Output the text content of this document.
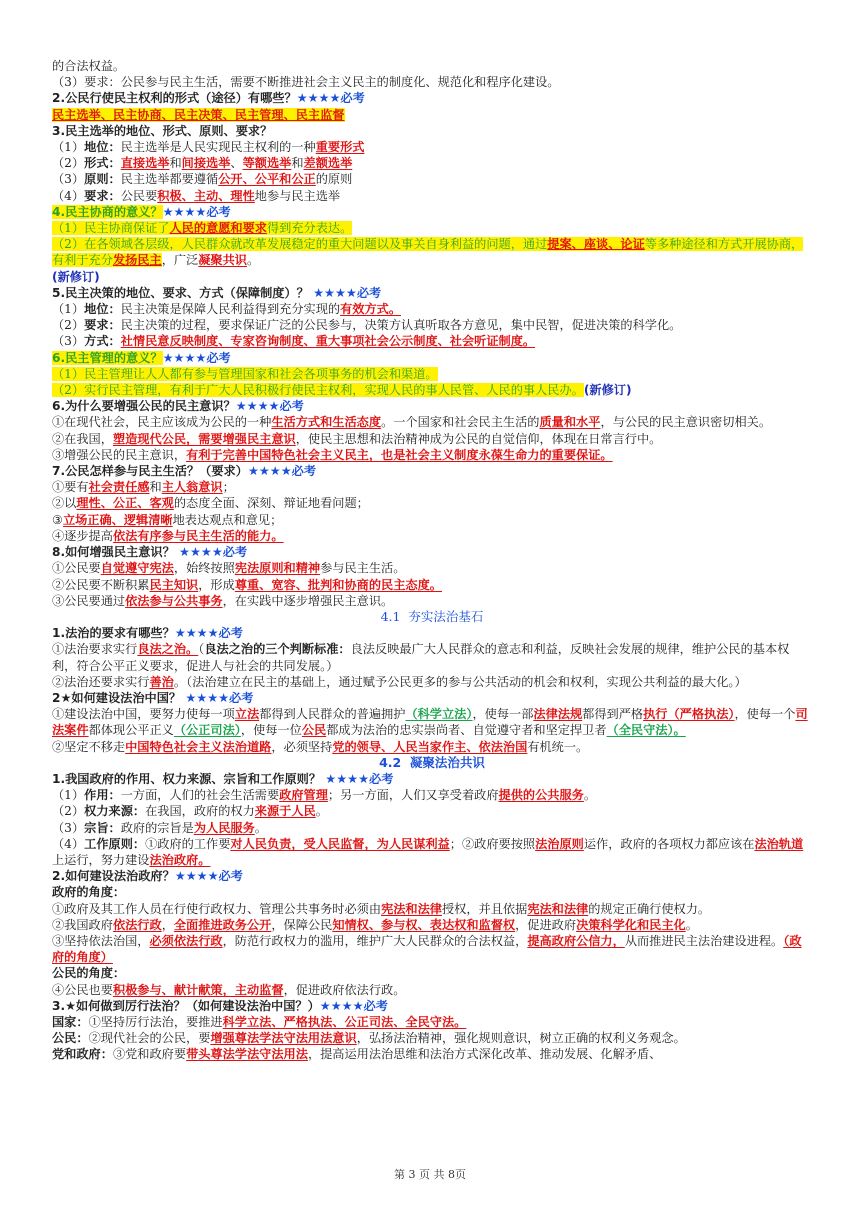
的合法权益。
（3）要求：公民参与民主生活，需要不断推进社会主义民主的制度化、规范化和程序化建设。
2.公民行使民主权利的形式（途径）有哪些？★★★★必考
民主选举、民主协商、民主决策、民主管理、民主监督
3.民主选举的地位、形式、原则、要求？
（1）地位：民主选举是人民实现民主权利的一种重要形式
（2）形式：直接选举和间接选举、等额选举和差额选举
（3）原则：民主选举都要遵循公开、公平和公正的原则
（4）要求：公民要积极、主动、理性地参与民主选举
4.民主协商的意义？★★★★必考
（1）民主协商保证了人民的意愿和要求得到充分表达。
（2）在各领域各层级，人民群众就改革发展稳定的重大问题以及事关自身利益的问题，通过提案、座谈、论证等多种途径和方式开展协商，有利于充分发扬民主，广泛凝聚共识。
(新修订)
5.民主决策的地位、要求、方式（保障制度）？ ★★★★必考
（1）地位：民主决策是保障人民利益得到充分实现的有效方式。
（2）要求：民主决策的过程，要求保证广泛的公民参与，决策方认真听取各方意见，集中民智，促进决策的科学化。
（3）方式：社情民意反映制度、专家咨询制度、重大事项社会公示制度、社会听证制度。
6.民主管理的意义？★★★★必考
（1）民主管理让人人都有参与管理国家和社会各项事务的机会和渠道。
（2）实行民主管理，有利于广大人民积极行使民主权利，实现人民的事人民管、人民的事人民办。(新修订)
6.为什么要增强公民的民主意识？★★★★必考
①在现代社会，民主应该成为公民的一种生活方式和生活态度。一个国家和社会民主生活的质量和水平，与公民的民主意识密切相关。
②在我国，塑造现代公民，需要增强民主意识，使民主思想和法治精神成为公民的自觉信仰，体现在日常言行中。
③增强公民的民主意识，有利于完善中国特色社会主义民主，也是社会主义制度永葆生命力的重要保证。
7.公民怎样参与民主生活？（要求）★★★★必考
①要有社会责任感和主人翁意识；
②以理性、公正、客观的态度全面、深刻、辩证地看问题；
③立场正确、逻辑清晰地表达观点和意见；
④逐步提高依法有序参与民主生活的能力。
8.如何增强民主意识？ ★★★★必考
①公民要自觉遵守宪法，始终按照宪法原则和精神参与民主生活。
②公民要不断积累民主知识，形成尊重、宽容、批判和协商的民主态度。
③公民要通过依法参与公共事务，在实践中逐步增强民主意识。
4.1  夯实法治基石
1.法治的要求有哪些？★★★★必考
①法治要求实行良法之治。（良法之治的三个判断标准：良法反映最广大人民群众的意志和利益，反映社会发展的规律，维护公民的基本权利，符合公平正义要求，促进人与社会的共同发展。）
②法治还要求实行善治。（法治建立在民主的基础上，通过赋予公民更多的参与公共活动的机会和权利，实现公共利益的最大化。）
2★如何建设法治中国？ ★★★★必考
①建设法治中国，要努力使每一项立法都得到人民群众的普遍拥护（科学立法），使每一部法律法规都得到严格执行（严格执法），使每一个司法案件都体现公平正义（公正司法），使每一位公民都成为法治的忠实崇尚者、自觉遵守者和坚定捍卫者（全民守法）。
②坚定不移走中国特色社会主义法治道路，必须坚持党的领导、人民当家作主、依法治国有机统一。
4.2  凝聚法治共识
1.我国政府的作用、权力来源、宗旨和工作原则？ ★★★★必考
（1）作用：一方面，人们的社会生活需要政府管理；另一方面，人们又享受着政府提供的公共服务。
（2）权力来源：在我国，政府的权力来源于人民。
（3）宗旨：政府的宗旨是为人民服务。
（4）工作原则：①政府的工作要对人民负责，受人民监督，为人民谋利益；②政府要按照法治原则运作，政府的各项权力都应该在法治轨道上运行，努力建设法治政府。
2.如何建设法治政府？★★★★必考
政府的角度：
①政府及其工作人员在行使行政权力、管理公共事务时必须由宪法和法律授权，并且依据宪法和法律的规定正确行使权力。
②我国政府依法行政，全面推进政务公开，保障公民知情权、参与权、表达权和监督权，促进政府决策科学化和民主化。
③坚持依法治国，必须依法行政，防范行政权力的滥用，维护广大人民群众的合法权益，提高政府公信力，从而推进民主法治建设进程。（政府的角度）
公民的角度：
④公民也要积极参与、献计献策，主动监督，促进政府依法行政。
3.★如何做到厉行法治？（如何建设法治中国？）★★★★必考
国家：①坚持厉行法治，要推进科学立法、严格执法、公正司法、全民守法。
公民：②现代社会的公民，要增强尊法学法守法用法意识，弘扬法治精神，强化规则意识，树立正确的权利义务观念。
党和政府：③党和政府要带头尊法学法守法用法，提高运用法治思维和法治方式深化改革、推动发展、化解矛盾、
第 3 页 共 8页
